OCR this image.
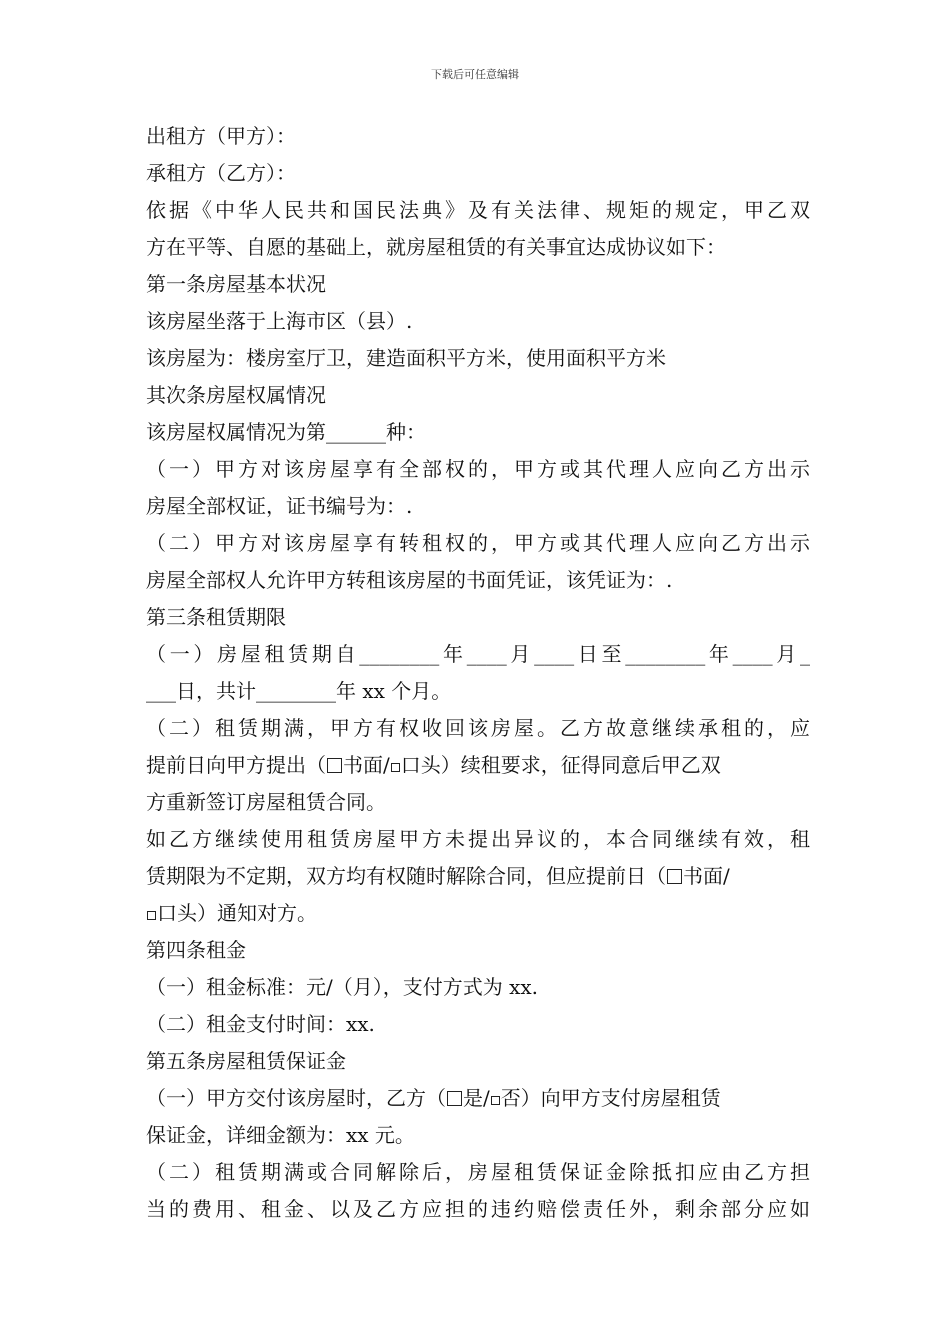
下载后可任意编辑
出租方（甲方）：
承租方（乙方）：
依据《中华人民共和国民法典》及有关法律、规矩的规定，甲乙双
方在平等、自愿的基础上，就房屋租赁的有关事宜达成协议如下：
第一条房屋基本状况
该房屋坐落于上海市区（县）.
该房屋为：楼房室厅卫，建造面积平方米，使用面积平方米
其次条房屋权属情况
该房屋权属情况为第______种：
（一）甲方对该房屋享有全部权的，甲方或其代理人应向乙方出示
房屋全部权证，证书编号为：.
（二）甲方对该房屋享有转租权的，甲方或其代理人应向乙方出示
房屋全部权人允许甲方转租该房屋的书面凭证，该凭证为：.
第三条租赁期限
（一）房屋租赁期自________年____月____日至________年____月_
___日，共计________年 xx 个月。
（二）租赁期满，甲方有权收回该房屋。乙方故意继续承租的，应
提前日向甲方提出（ 书面/ 口头）续租要求，征得同意后甲乙双
方重新签订房屋租赁合同。
如乙方继续使用租赁房屋甲方未提出异议的，本合同继续有效，租
赁期限为不定期，双方均有权随时解除合同，但应提前日（ 书面/
口头）通知对方。
第四条租金
（一）租金标准：元/（月），支付方式为 xx.
（二）租金支付时间：xx.
第五条房屋租赁保证金
（一）甲方交付该房屋时，乙方（ 是/ 否）向甲方支付房屋租赁
保证金，详细金额为：xx 元。
（二）租赁期满或合同解除后，房屋租赁保证金除抵扣应由乙方担
当的费用、租金、以及乙方应担的违约赔偿责任外，剩余部分应如
